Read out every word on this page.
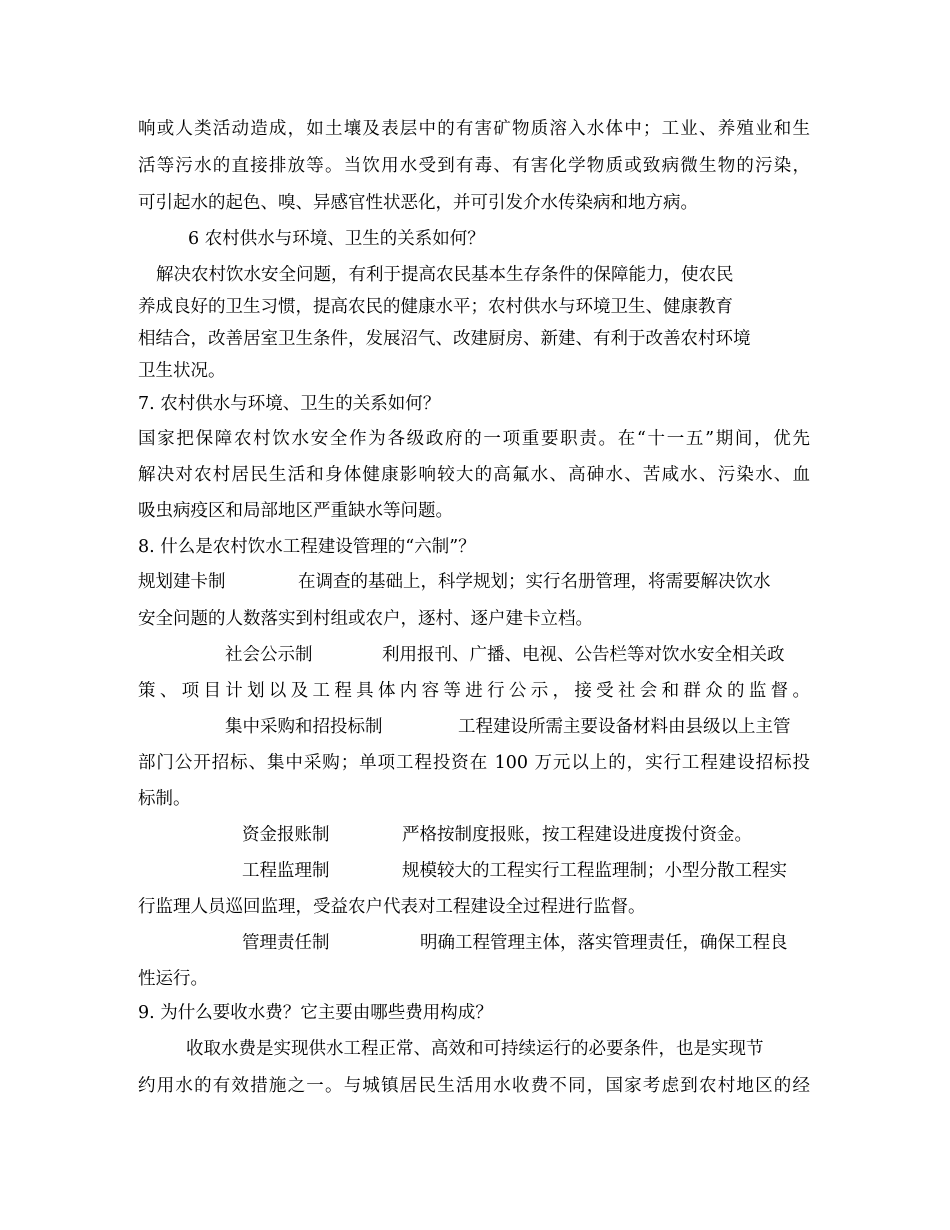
响或人类活动造成，如土壤及表层中的有害矿物质溶入水体中；工业、养殖业和生

活等污水的直接排放等。当饮用水受到有毒、有害化学物质或致病微生物的污染，

可引起水的起色、嗅、异感官性状恶化，并可引发介水传染病和地方病。

6 农村供水与环境、卫生的关系如何？

解决农村饮水安全问题，有利于提高农民基本生存条件的保障能力，使农民

养成良好的卫生习惯，提高农民的健康水平；农村供水与环境卫生、健康教育

相结合，改善居室卫生条件，发展沼气、改建厨房、新建、有利于改善农村环境

卫生状况。

7. 农村供水与环境、卫生的关系如何？

国家把保障农村饮水安全作为各级政府的一项重要职责。在“十一五”期间，优先

解决对农村居民生活和身体健康影响较大的高氟水、高砷水、苦咸水、污染水、血

吸虫病疫区和局部地区严重缺水等问题。

8. 什么是农村饮水工程建设管理的“六制”？

规划建卡制	在调查的基础上，科学规划；实行名册管理，将需要解决饮水

安全问题的人数落实到村组或农户，逐村、逐户建卡立档。

社会公示制	利用报刊、广播、电视、公告栏等对饮水安全相关政

策、项目计划以及工程具体内容等进行公示，接受社会和群众的监督。

集中采购和招投标制	工程建设所需主要设备材料由县级以上主管

部门公开招标、集中采购；单项工程投资在 100 万元以上的，实行工程建设招标投

标制。

资金报账制	严格按制度报账，按工程建设进度拨付资金。

工程监理制	规模较大的工程实行工程监理制；小型分散工程实

行监理人员巡回监理，受益农户代表对工程建设全过程进行监督。

管理责任制	明确工程管理主体，落实管理责任，确保工程良

性运行。

9. 为什么要收水费？它主要由哪些费用构成？

收取水费是实现供水工程正常、高效和可持续运行的必要条件，也是实现节

约用水的有效措施之一。与城镇居民生活用水收费不同，国家考虑到农村地区的经
